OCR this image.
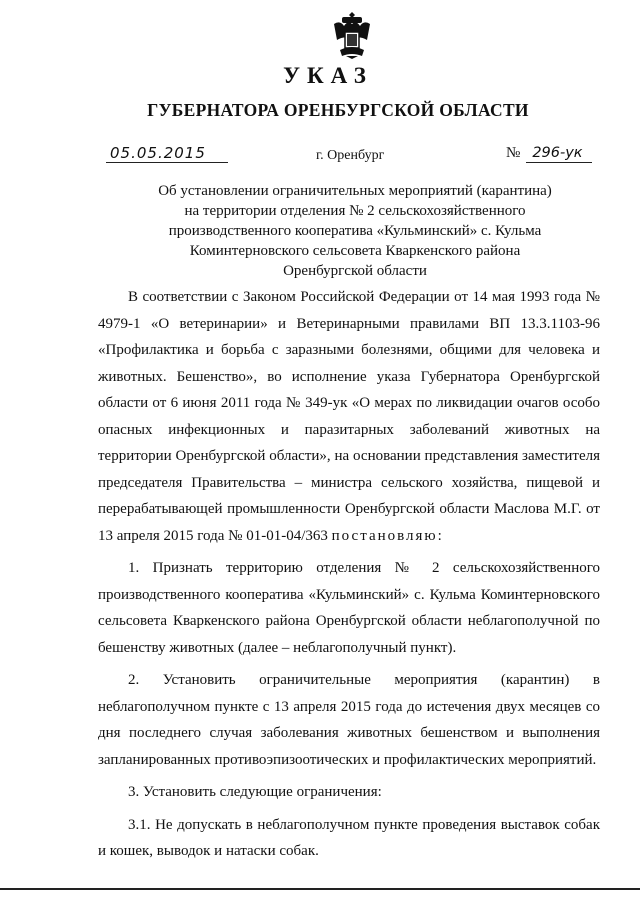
УКАЗ
ГУБЕРНАТОРА ОРЕНБУРГСКОЙ ОБЛАСТИ
05.05.2015	г. Оренбург	№ 296-ук
Об установлении ограничительных мероприятий (карантина) на территории отделения № 2 сельскохозяйственного производственного кооператива «Кульминский» с. Кульма Коминтерновского сельсовета Кваркенского района Оренбургской области

В соответствии с Законом Российской Федерации от 14 мая 1993 года № 4979-1 «О ветеринарии» и Ветеринарными правилами ВП 13.3.1103-96 «Профилактика и борьба с заразными болезнями, общими для человека и животных. Бешенство», во исполнение указа Губернатора Оренбургской области от 6 июня 2011 года № 349-ук «О мерах по ликвидации очагов особо опасных инфекционных и паразитарных заболеваний животных на территории Оренбургской области», на основании представления заместителя председателя Правительства – министра сельского хозяйства, пищевой и перерабатывающей промышленности Оренбургской области Маслова М.Г. от 13 апреля 2015 года № 01-01-04/363 постановляю:

1. Признать территорию отделения № 2 сельскохозяйственного производственного кооператива «Кульминский» с. Кульма Коминтерновского сельсовета Кваркенского района Оренбургской области неблагополучной по бешенству животных (далее – неблагополучный пункт).

2. Установить ограничительные мероприятия (карантин) в неблагополучном пункте с 13 апреля 2015 года до истечения двух месяцев со дня последнего случая заболевания животных бешенством и выполнения запланированных противоэпизоотических и профилактических мероприятий.

3. Установить следующие ограничения:

3.1. Не допускать в неблагополучном пункте проведения выставок собак и кошек, выводок и натаски собак.
